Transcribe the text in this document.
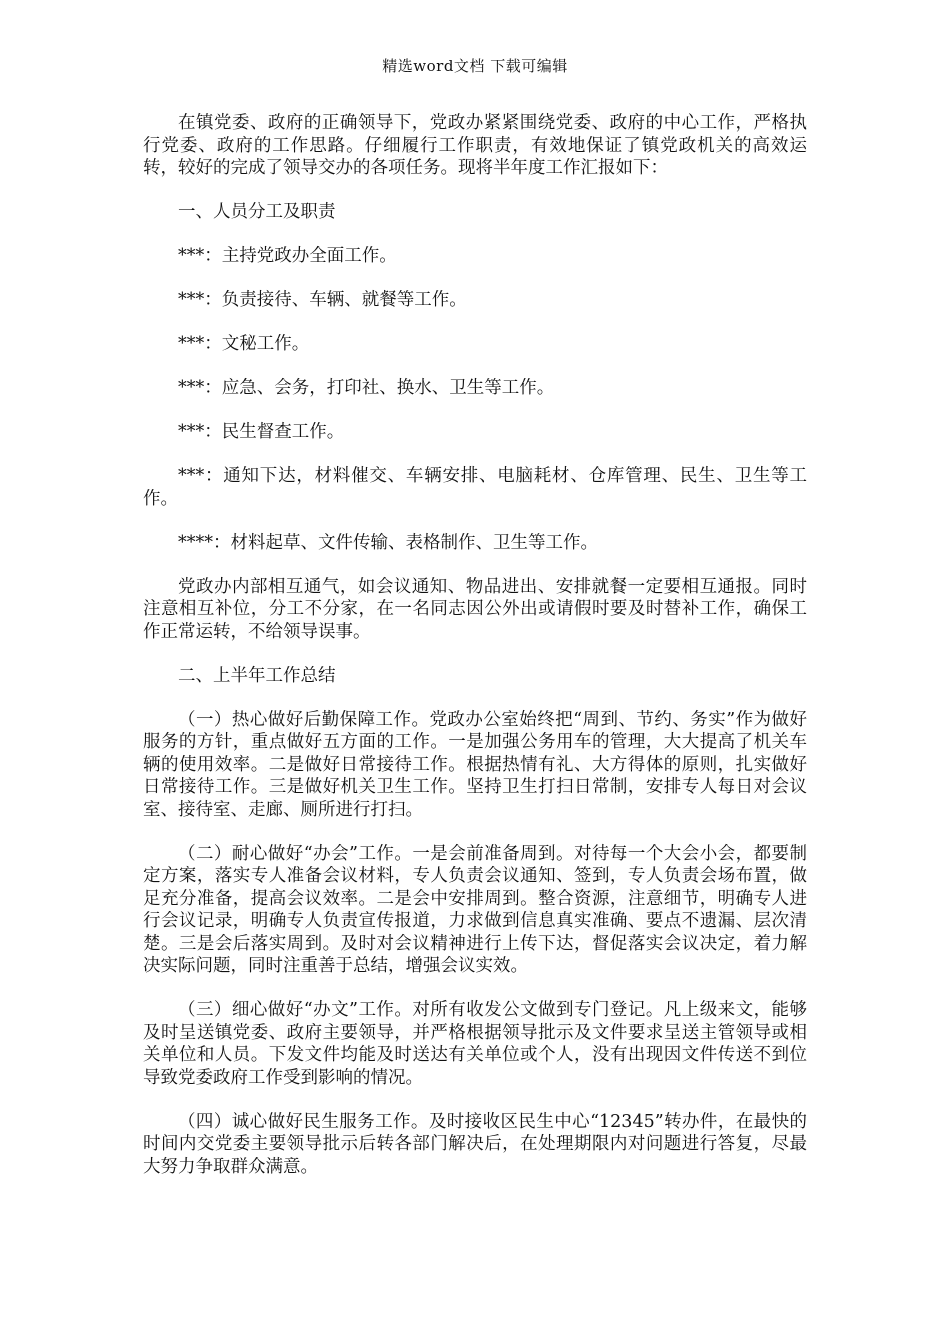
精选word文档 下载可编辑

在镇党委、政府的正确领导下，党政办紧紧围绕党委、政府的中心工作，严格执行党委、政府的工作思路。仔细履行工作职责，有效地保证了镇党政机关的高效运转，较好的完成了领导交办的各项任务。现将半年度工作汇报如下：

一、人员分工及职责

***：主持党政办全面工作。

***：负责接待、车辆、就餐等工作。

***：文秘工作。

***：应急、会务，打印社、换水、卫生等工作。

***：民生督查工作。

***：通知下达，材料催交、车辆安排、电脑耗材、仓库管理、民生、卫生等工作。

****：材料起草、文件传输、表格制作、卫生等工作。

党政办内部相互通气，如会议通知、物品进出、安排就餐一定要相互通报。同时注意相互补位，分工不分家，在一名同志因公外出或请假时要及时替补工作，确保工作正常运转，不给领导误事。

二、上半年工作总结

（一）热心做好后勤保障工作。党政办公室始终把“周到、节约、务实”作为做好服务的方针，重点做好五方面的工作。一是加强公务用车的管理，大大提高了机关车辆的使用效率。二是做好日常接待工作。根据热情有礼、大方得体的原则，扎实做好日常接待工作。三是做好机关卫生工作。坚持卫生打扫日常制，安排专人每日对会议室、接待室、走廊、厕所进行打扫。

（二）耐心做好“办会”工作。一是会前准备周到。对待每一个大会小会，都要制定方案，落实专人准备会议材料，专人负责会议通知、签到，专人负责会场布置，做足充分准备，提高会议效率。二是会中安排周到。整合资源，注意细节，明确专人进行会议记录，明确专人负责宣传报道，力求做到信息真实准确、要点不遗漏、层次清楚。三是会后落实周到。及时对会议精神进行上传下达，督促落实会议决定，着力解决实际问题，同时注重善于总结，增强会议实效。

（三）细心做好“办文”工作。对所有收发公文做到专门登记。凡上级来文，能够及时呈送镇党委、政府主要领导，并严格根据领导批示及文件要求呈送主管领导或相关单位和人员。下发文件均能及时送达有关单位或个人，没有出现因文件传送不到位导致党委政府工作受到影响的情况。

（四）诚心做好民生服务工作。及时接收区民生中心“12345”转办件，在最快的时间内交党委主要领导批示后转各部门解决后，在处理期限内对问题进行答复，尽最大努力争取群众满意。
